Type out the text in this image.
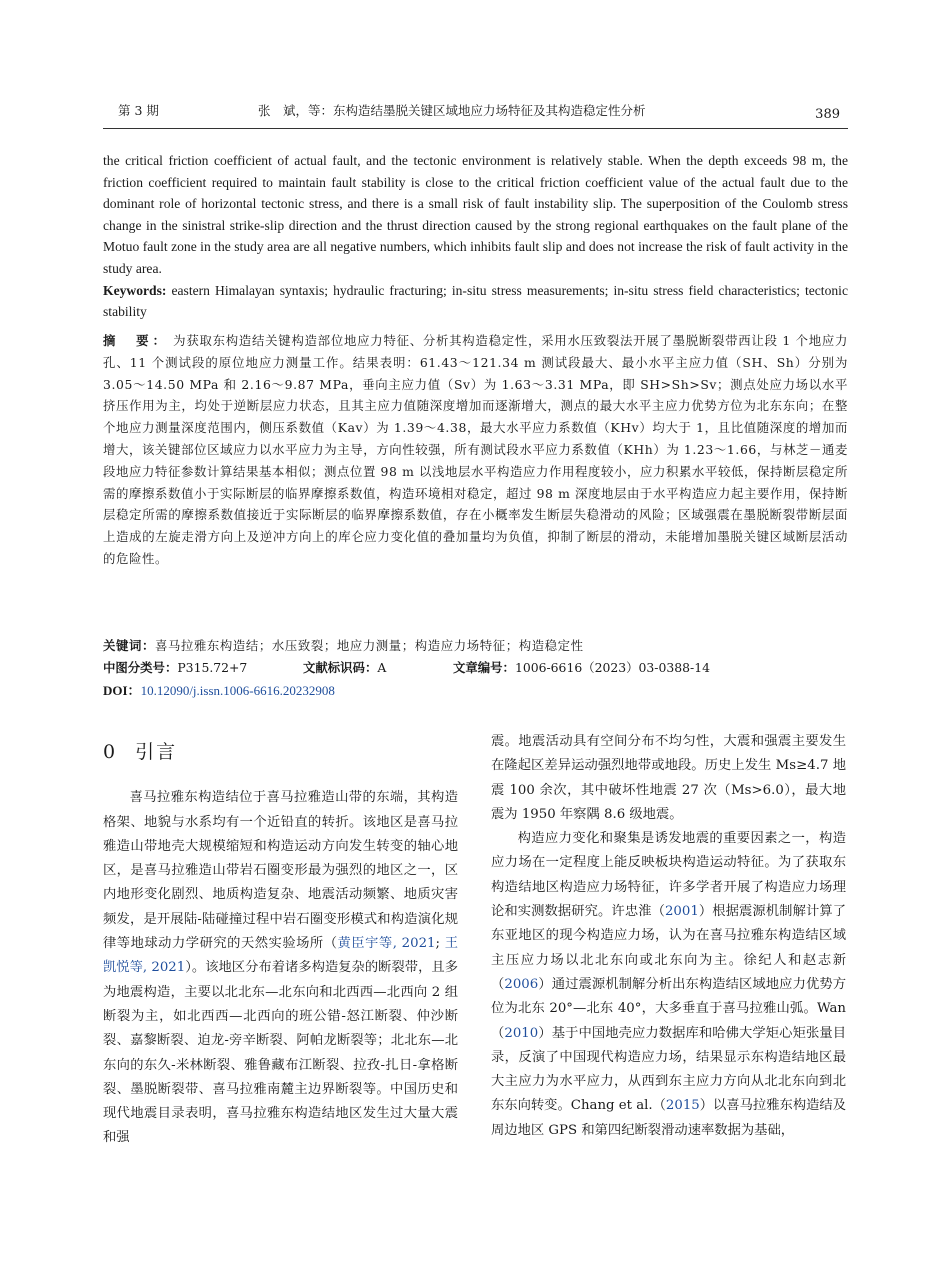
第 3 期	张　斌，等：东构造结墨脱关键区域地应力场特征及其构造稳定性分析	389

the critical friction coefficient of actual fault, and the tectonic environment is relatively stable. When the depth exceeds 98 m, the friction coefficient required to maintain fault stability is close to the critical friction coefficient value of the actual fault due to the dominant role of horizontal tectonic stress, and there is a small risk of fault instability slip. The superposition of the Coulomb stress change in the sinistral strike-slip direction and the thrust direction caused by the strong regional earthquakes on the fault plane of the Motuo fault zone in the study area are all negative numbers, which inhibits fault slip and does not increase the risk of fault activity in the study area.

Keywords: eastern Himalayan syntaxis; hydraulic fracturing; in-situ stress measurements; in-situ stress field characteristics; tectonic stability

摘　要： 为获取东构造结关键构造部位地应力特征、分析其构造稳定性，采用水压致裂法开展了墨脱断裂带西让段 1 个地应力孔、11 个测试段的原位地应力测量工作。结果表明：61.43～121.34 m 测试段最大、最小水平主应力值（SH、Sh）分别为 3.05～14.50 MPa 和 2.16～9.87 MPa，垂向主应力值（Sv）为 1.63～3.31 MPa，即 SH>Sh>Sv；测点处应力场以水平挤压作用为主，均处于逆断层应力状态，且其主应力值随深度增加而逐渐增大，测点的最大水平主应力优势方位为北东东向；在整个地应力测量深度范围内，侧压系数值（Kav）为 1.39～4.38，最大水平应力系数值（KHv）均大于 1，且比值随深度的增加而增大，该关键部位区域应力以水平应力为主导，方向性较强，所有测试段水平应力系数值（KHh）为 1.23～1.66，与林芝－通麦段地应力特征参数计算结果基本相似；测点位置 98 m 以浅地层水平构造应力作用程度较小，应力积累水平较低，保持断层稳定所需的摩擦系数值小于实际断层的临界摩擦系数值，构造环境相对稳定，超过 98 m 深度地层由于水平构造应力起主要作用，保持断层稳定所需的摩擦系数值接近于实际断层的临界摩擦系数值，存在小概率发生断层失稳滑动的风险；区域强震在墨脱断裂带断层面上造成的左旋走滑方向上及逆冲方向上的库仑应力变化值的叠加量均为负值，抑制了断层的滑动，未能增加墨脱关键区域断层活动的危险性。

关键词：喜马拉雅东构造结；水压致裂；地应力测量；构造应力场特征；构造稳定性
中图分类号：P315.72+7	文献标识码：A	文章编号：1006-6616（2023）03-0388-14
DOI：10.12090/j.issn.1006-6616.20232908
0 引言

喜马拉雅东构造结位于喜马拉雅造山带的东端，其构造格架、地貌与水系均有一个近铅直的转折。该地区是喜马拉雅造山带地壳大规模缩短和构造运动方向发生转变的轴心地区，是喜马拉雅造山带岩石圈变形最为强烈的地区之一，区内地形变化剧烈、地质构造复杂、地震活动频繁、地质灾害频发，是开展陆-陆碰撞过程中岩石圈变形模式和构造演化规律等地球动力学研究的天然实验场所（黄臣宇等, 2021; 王凯悦等, 2021）。该地区分布着诸多构造复杂的断裂带，且多为地震构造，主要以北北东—北东向和北西西—北西向 2 组断裂为主，如北西西—北西向的班公错-怒江断裂、仲沙断裂、嘉黎断裂、迫龙-旁辛断裂、阿帕龙断裂等；北北东—北东向的东久-米林断裂、雅鲁藏布江断裂、拉孜-扎日-拿格断裂、墨脱断裂带、喜马拉雅南麓主边界断裂等。中国历史和现代地震目录表明，喜马拉雅东构造结地区发生过大量大震和强

震。地震活动具有空间分布不均匀性，大震和强震主要发生在隆起区差异运动强烈地带或地段。历史上发生 Ms≥4.7 地震 100 余次，其中破坏性地震 27 次（Ms>6.0），最大地震为 1950 年察隅 8.6 级地震。

构造应力变化和聚集是诱发地震的重要因素之一，构造应力场在一定程度上能反映板块构造运动特征。为了获取东构造结地区构造应力场特征，许多学者开展了构造应力场理论和实测数据研究。许忠淮（2001）根据震源机制解计算了东亚地区的现今构造应力场，认为在喜马拉雅东构造结区域主压应力场以北北东向或北东向为主。徐纪人和赵志新（2006）通过震源机制解分析出东构造结区域地应力优势方位为北东 20°—北东 40°，大多垂直于喜马拉雅山弧。Wan（2010）基于中国地壳应力数据库和哈佛大学矩心矩张量目录，反演了中国现代构造应力场，结果显示东构造结地区最大主应力为水平应力，从西到东主应力方向从北北东向到北东东向转变。Chang et al.（2015）以喜马拉雅东构造结及周边地区 GPS 和第四纪断裂滑动速率数据为基础，
